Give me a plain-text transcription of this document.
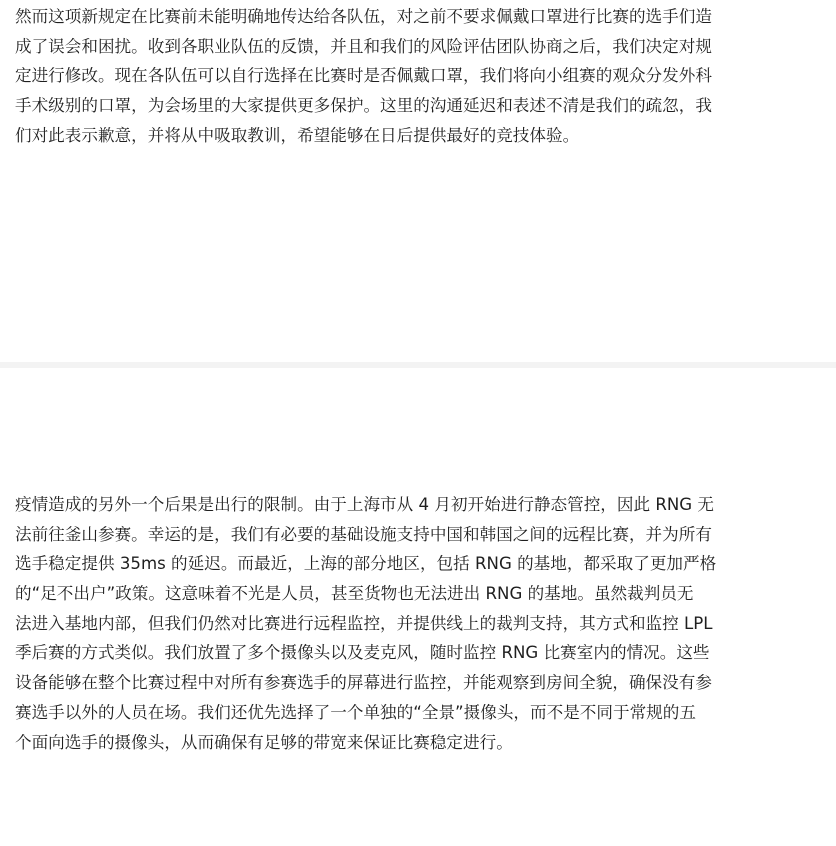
然而这项新规定在比赛前未能明确地传达给各队伍，对之前不要求佩戴口罩进行比赛的选手们造
成了误会和困扰。收到各职业队伍的反馈，并且和我们的风险评估团队协商之后，我们决定对规
定进行修改。现在各队伍可以自行选择在比赛时是否佩戴口罩，我们将向小组赛的观众分发外科
手术级别的口罩，为会场里的大家提供更多保护。这里的沟通延迟和表述不清是我们的疏忽，我
们对此表示歉意，并将从中吸取教训，希望能够在日后提供最好的竞技体验。

疫情造成的另外一个后果是出行的限制。由于上海市从 4 月初开始进行静态管控，因此 RNG 无
法前往釜山参赛。幸运的是，我们有必要的基础设施支持中国和韩国之间的远程比赛，并为所有
选手稳定提供 35ms 的延迟。而最近，上海的部分地区，包括 RNG 的基地，都采取了更加严格
的“足不出户”政策。这意味着不光是人员，甚至货物也无法进出 RNG 的基地。虽然裁判员无
法进入基地内部，但我们仍然对比赛进行远程监控，并提供线上的裁判支持，其方式和监控 LPL
季后赛的方式类似。我们放置了多个摄像头以及麦克风，随时监控 RNG 比赛室内的情况。这些
设备能够在整个比赛过程中对所有参赛选手的屏幕进行监控，并能观察到房间全貌，确保没有参
赛选手以外的人员在场。我们还优先选择了一个单独的“全景”摄像头，而不是不同于常规的五
个面向选手的摄像头，从而确保有足够的带宽来保证比赛稳定进行。
